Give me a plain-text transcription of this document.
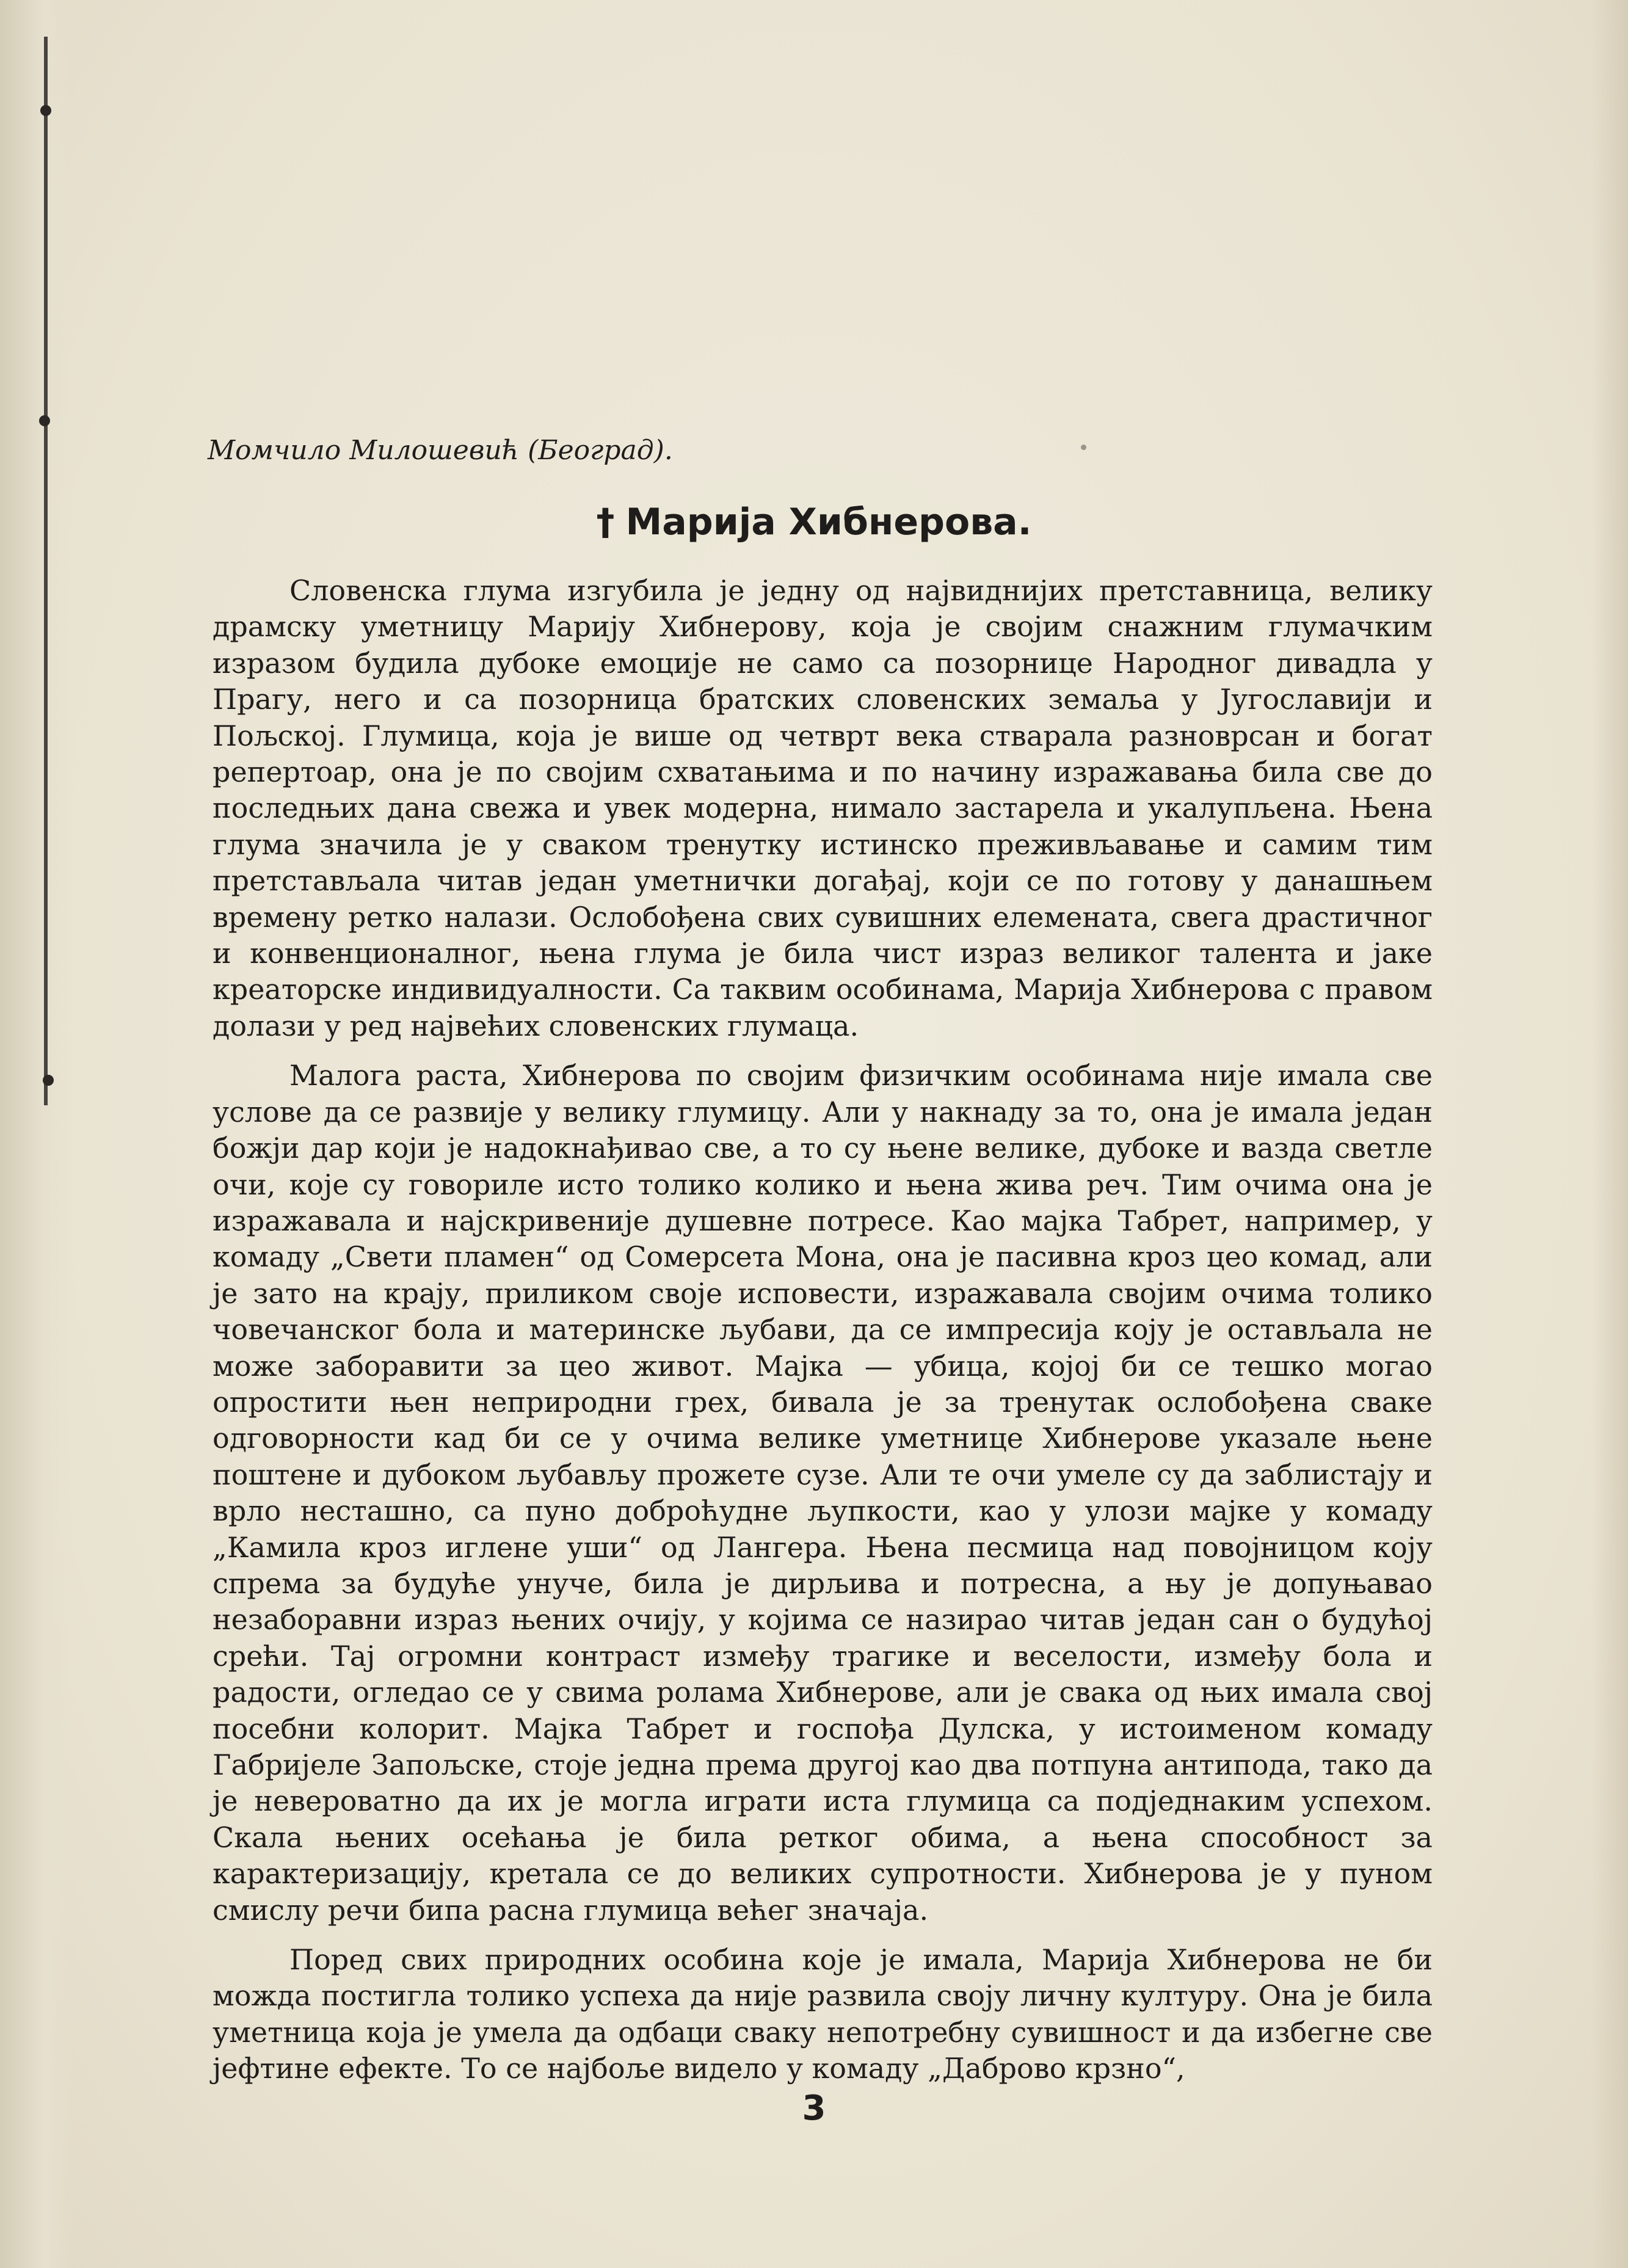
Момчило Милошевић (Београд).
† Марија Хибнерова.

Словенска глума изгубила је једну од највиднијих претставница, велику драмску уметницу Марију Хибнерову, која је својим снажним глумачким изразом будила дубоке емоције не само са позорнице Народног дивадла у Прагу, него и са позорница братских словенских земаља у Југославији и Пољској. Глумица, која је више од четврт века стварала разноврсан и богат репертоар, она је по својим схватањима и по начину изражавања била све до последњих дана свежа и увек модерна, нимало застарела и укалупљена. Њена глума значила је у сваком тренутку истинско преживљавање и самим тим претстављала читав један уметнички догађај, који се по готову у данашњем времену ретко налази. Ослобођена свих сувишних елемената, свега драстичног и конвенционалног, њена глума је била чист израз великог талента и јаке креаторске индивидуалности. Са таквим особинама, Марија Хибнерова с правом долази у ред највећих словенских глумаца.

Малога раста, Хибнерова по својим физичким особинама није имала све услове да се развије у велику глумицу. Али у накнаду за то, она је имала један божји дар који је надокнађивао све, а то су њене велике, дубоке и вазда светле очи, које су говориле исто толико колико и њена жива реч. Тим очима она је изражавала и најскривеније душевне потресе. Као мајка Табрет, например, у комаду „Свети пламен“ од Сомерсета Мона, она је пасивна кроз цео комад, али је зато на крају, приликом своје исповести, изражавала својим очима толико човечанског бола и материнске љубави, да се импресија коју је остављала не може заборавити за цео живот. Мајка — убица, којој би се тешко могао опростити њен неприродни грех, бивала је за тренутак ослобођена сваке одговорности кад би се у очима велике уметнице Хибнерове указале њене поштене и дубоком љубављу прожете сузе. Али те очи умеле су да заблистају и врло несташно, са пуно доброћудне љупкости, као у улози мајке у комаду „Камила кроз иглене уши“ од Лангера. Њена песмица над повојницом коју спрема за будуће унуче, била је дирљива и потресна, а њу је допуњавао незаборавни израз њених очију, у којима се назирао читав један сан о будућој срећи. Тај огромни контраст између трагике и веселости, између бола и радости, огледао се у свима ролама Хибнерове, али је свака од њих имала свој посебни колорит. Мајка Табрет и госпођа Дулска, у истоименом комаду Габријеле Запољске, стоје једна према другој као два потпуна антипода, тако да је невероватно да их је могла играти иста глумица са подједнаким успехом. Скала њених осећања је била ретког обима, а њена способност за карактеризацију, кретала се до великих супротности. Хибнерова је у пуном смислу речи бипа расна глумица већег значаја.

Поред свих природних особина које је имала, Марија Хибнерова не би можда постигла толико успеха да није развила своју личну културу. Она је била уметница која је умела да одбаци сваку непотребну сувишност и да избегне све јефтине ефекте. То се најбоље видело у комаду „Даброво крзно“,

3
